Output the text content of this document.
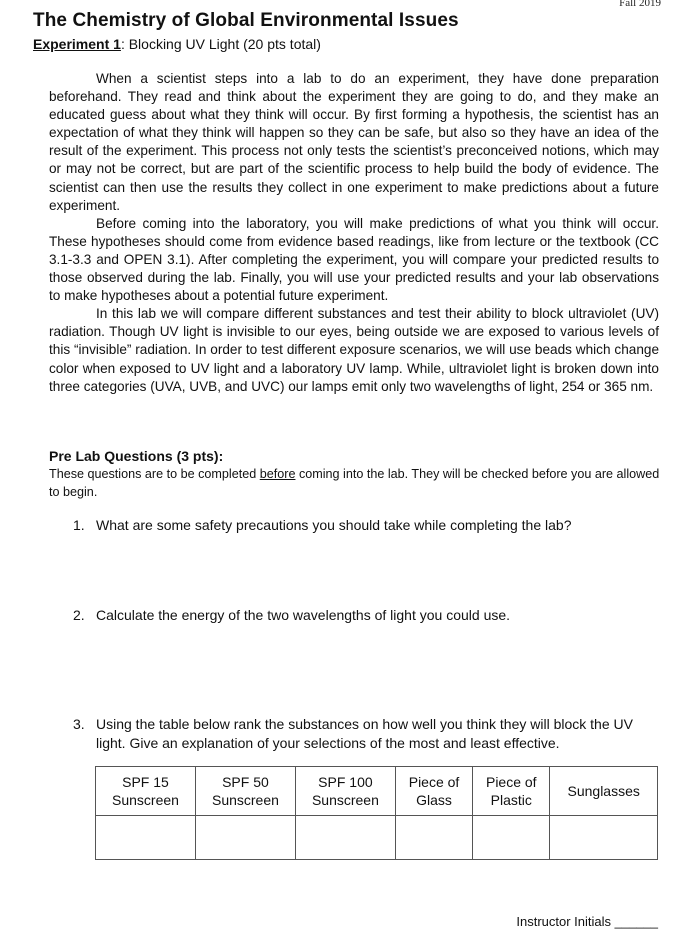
Fall 2019
The Chemistry of Global Environmental Issues
Experiment 1: Blocking UV Light (20 pts total)

When a scientist steps into a lab to do an experiment, they have done preparation beforehand. They read and think about the experiment they are going to do, and they make an educated guess about what they think will occur. By first forming a hypothesis, the scientist has an expectation of what they think will happen so they can be safe, but also so they have an idea of the result of the experiment. This process not only tests the scientist’s preconceived notions, which may or may not be correct, but are part of the scientific process to help build the body of evidence. The scientist can then use the results they collect in one experiment to make predictions about a future experiment.

Before coming into the laboratory, you will make predictions of what you think will occur. These hypotheses should come from evidence based readings, like from lecture or the textbook (CC 3.1-3.3 and OPEN 3.1). After completing the experiment, you will compare your predicted results to those observed during the lab. Finally, you will use your predicted results and your lab observations to make hypotheses about a potential future experiment.

In this lab we will compare different substances and test their ability to block ultraviolet (UV) radiation. Though UV light is invisible to our eyes, being outside we are exposed to various levels of this “invisible” radiation. In order to test different exposure scenarios, we will use beads which change color when exposed to UV light and a laboratory UV lamp. While, ultraviolet light is broken down into three categories (UVA, UVB, and UVC) our lamps emit only two wavelengths of light, 254 or 365 nm.

Pre Lab Questions (3 pts):
These questions are to be completed before coming into the lab. They will be checked before you are allowed to begin.
1. What are some safety precautions you should take while completing the lab?
2. Calculate the energy of the two wavelengths of light you could use.
3. Using the table below rank the substances on how well you think they will block the UV light. Give an explanation of your selections of the most and least effective.
SPF 15
Sunscreen	SPF 50
Sunscreen	SPF 100
Sunscreen	Piece of
Glass	Piece of
Plastic	Sunglasses

Instructor Initials ______
